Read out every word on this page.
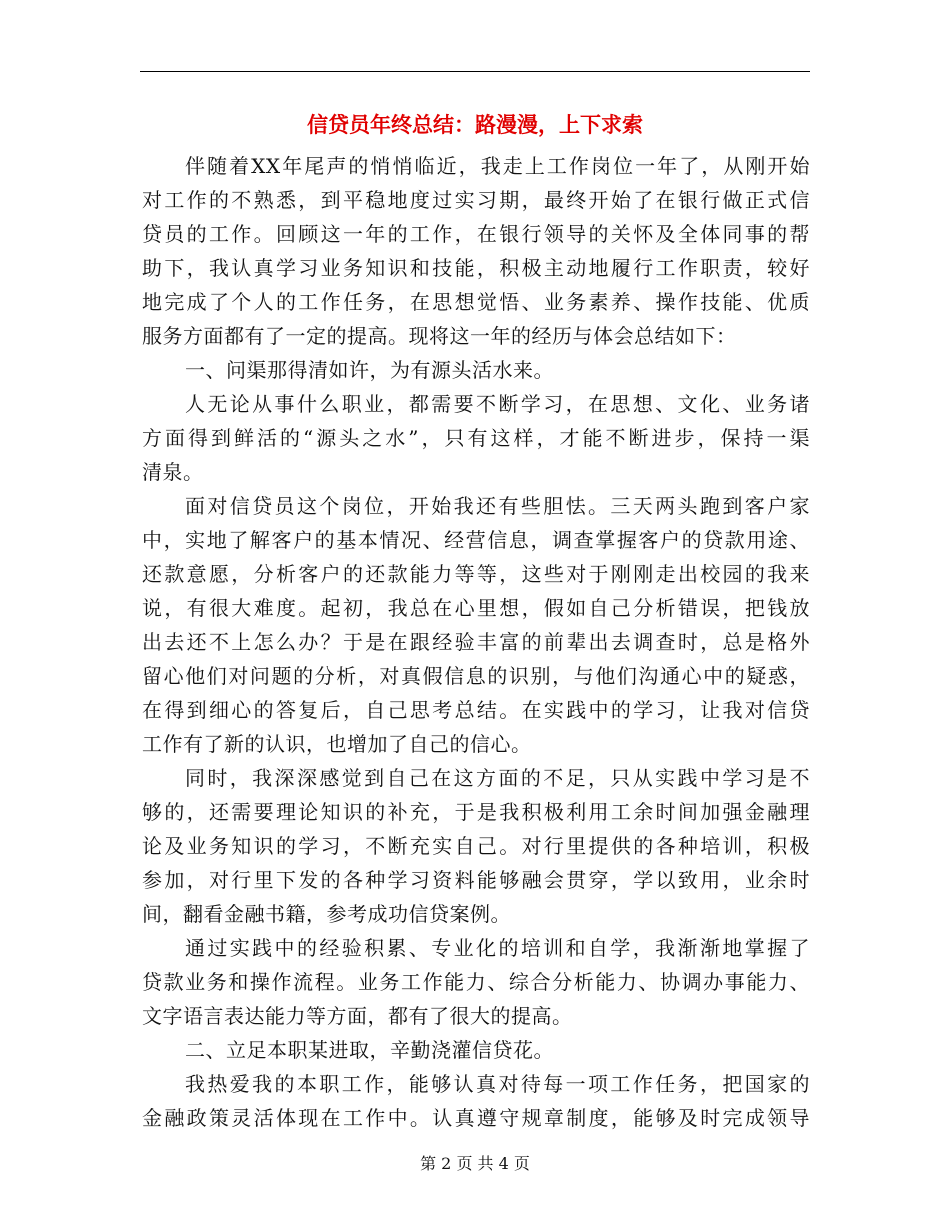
信贷员年终总结：路漫漫，上下求索
伴随着XX年尾声的悄悄临近，我走上工作岗位一年了，从刚开始
对工作的不熟悉，到平稳地度过实习期，最终开始了在银行做正式信
贷员的工作。回顾这一年的工作，在银行领导的关怀及全体同事的帮
助下，我认真学习业务知识和技能，积极主动地履行工作职责，较好
地完成了个人的工作任务，在思想觉悟、业务素养、操作技能、优质
服务方面都有了一定的提高。现将这一年的经历与体会总结如下：
一、问渠那得清如许，为有源头活水来。
人无论从事什么职业，都需要不断学习，在思想、文化、业务诸
方面得到鲜活的“源头之水”，只有这样，才能不断进步，保持一渠
清泉。
面对信贷员这个岗位，开始我还有些胆怯。三天两头跑到客户家
中，实地了解客户的基本情况、经营信息，调查掌握客户的贷款用途、
还款意愿，分析客户的还款能力等等，这些对于刚刚走出校园的我来
说，有很大难度。起初，我总在心里想，假如自己分析错误，把钱放
出去还不上怎么办？于是在跟经验丰富的前辈出去调查时，总是格外
留心他们对问题的分析，对真假信息的识别，与他们沟通心中的疑惑，
在得到细心的答复后，自己思考总结。在实践中的学习，让我对信贷
工作有了新的认识，也增加了自己的信心。
同时，我深深感觉到自己在这方面的不足，只从实践中学习是不
够的，还需要理论知识的补充，于是我积极利用工余时间加强金融理
论及业务知识的学习，不断充实自己。对行里提供的各种培训，积极
参加，对行里下发的各种学习资料能够融会贯穿，学以致用，业余时
间，翻看金融书籍，参考成功信贷案例。
通过实践中的经验积累、专业化的培训和自学，我渐渐地掌握了
贷款业务和操作流程。业务工作能力、综合分析能力、协调办事能力、
文字语言表达能力等方面，都有了很大的提高。
二、立足本职某进取，辛勤浇灌信贷花。
我热爱我的本职工作，能够认真对待每一项工作任务，把国家的
金融政策灵活体现在工作中。认真遵守规章制度，能够及时完成领导
第 2 页 共 4 页
